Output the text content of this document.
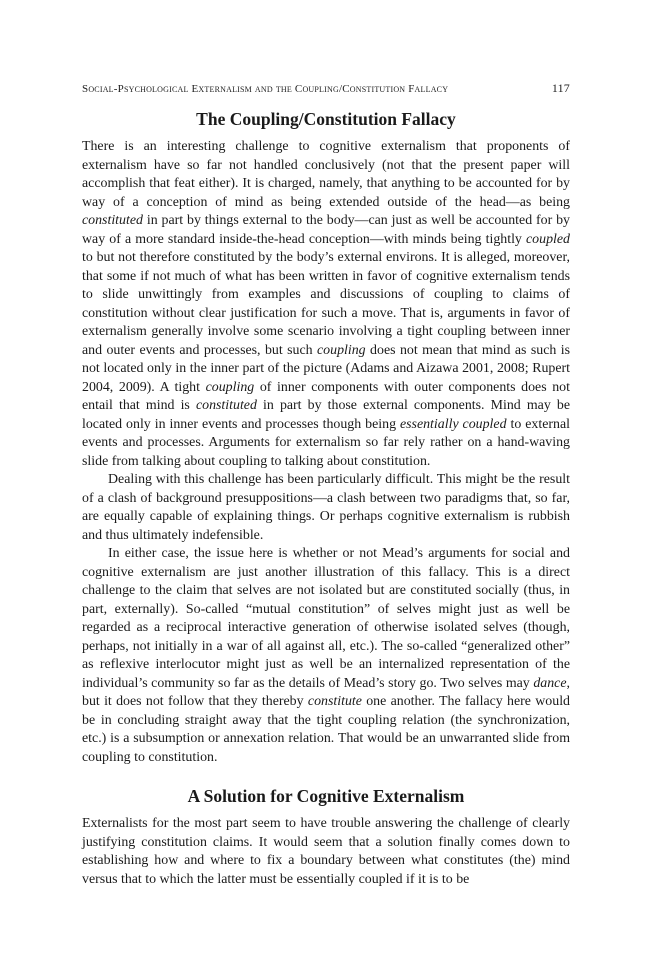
Social-Psychological Externalism and the Coupling/Constitution Fallacy	117
The Coupling/Constitution Fallacy

There is an interesting challenge to cognitive externalism that proponents of externalism have so far not handled conclusively (not that the present paper will accomplish that feat either). It is charged, namely, that anything to be accounted for by way of a conception of mind as being extended outside of the head—as being constituted in part by things external to the body—can just as well be accounted for by way of a more standard inside-the-head conception—with minds being tightly coupled to but not therefore constituted by the body’s external environs. It is alleged, moreover, that some if not much of what has been written in favor of cognitive externalism tends to slide unwittingly from examples and discussions of coupling to claims of constitution without clear justification for such a move. That is, arguments in favor of externalism generally involve some scenario involving a tight coupling between inner and outer events and processes, but such coupling does not mean that mind as such is not located only in the inner part of the picture (Adams and Aizawa 2001, 2008; Rupert 2004, 2009). A tight coupling of inner components with outer components does not entail that mind is constituted in part by those external components. Mind may be located only in inner events and processes though being essentially coupled to external events and processes. Arguments for externalism so far rely rather on a hand-waving slide from talking about coupling to talking about constitution.

Dealing with this challenge has been particularly difficult. This might be the result of a clash of background presuppositions—a clash between two paradigms that, so far, are equally capable of explaining things. Or perhaps cognitive externalism is rubbish and thus ultimately indefensible.

In either case, the issue here is whether or not Mead’s arguments for social and cognitive externalism are just another illustration of this fallacy. This is a direct challenge to the claim that selves are not isolated but are constituted socially (thus, in part, externally). So-called “mutual constitution” of selves might just as well be regarded as a reciprocal interactive generation of otherwise isolated selves (though, perhaps, not initially in a war of all against all, etc.). The so-called “generalized other” as reflexive interlocutor might just as well be an internalized representation of the individual’s community so far as the details of Mead’s story go. Two selves may dance, but it does not follow that they thereby constitute one another. The fallacy here would be in concluding straight away that the tight coupling relation (the synchronization, etc.) is a subsumption or annexation relation. That would be an unwarranted slide from coupling to constitution.

A Solution for Cognitive Externalism

Externalists for the most part seem to have trouble answering the challenge of clearly justifying constitution claims. It would seem that a solution finally comes down to establishing how and where to fix a boundary between what constitutes (the) mind versus that to which the latter must be essentially coupled if it is to be
